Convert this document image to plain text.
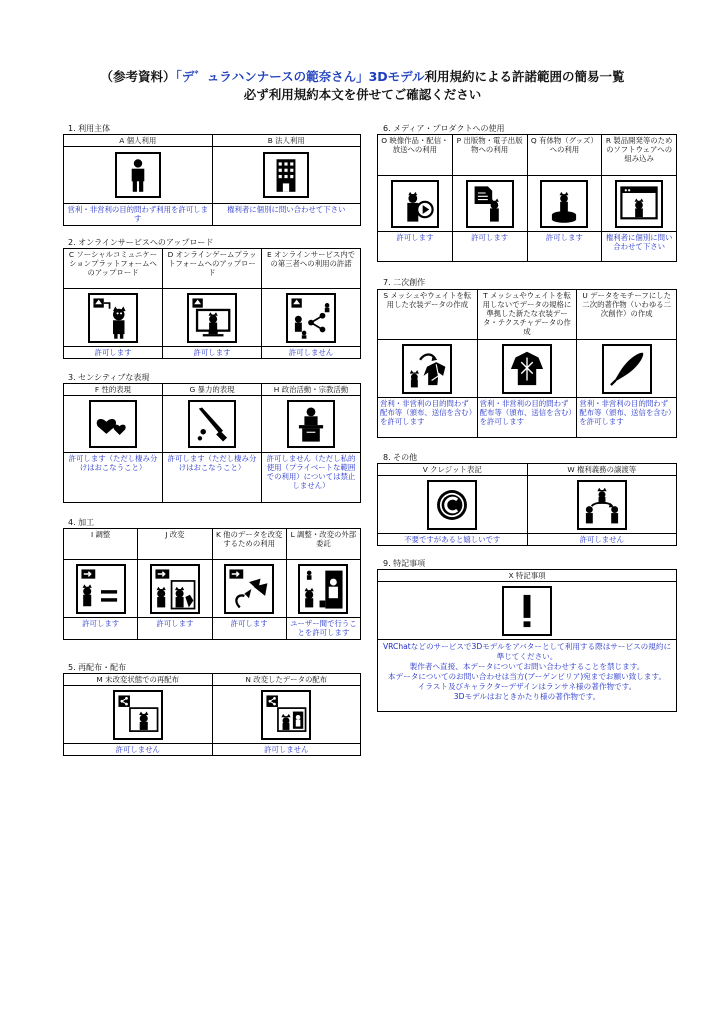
（参考資料）「デ゛ュラハンナースの範奈さん」3Dモデル利用規約による許諾範囲の簡易一覧
必ず利用規約本文を併せてご確認ください
1. 利用主体
A 個人利用	B 法人利用

営利・非営利の目的問わず利用を許可します	権利者に個別に問い合わせて下さい
2. オンラインサービスへのアップロード
C ソーシャルコミュニケーションプラットフォームへのアップロード	D オンラインゲームプラットフォームへのアップロード	E オンラインサービス内での第三者への利用の許諾

許可します	許可します	許可しません
3. センシティブな表現
F 性的表現	G 暴力的表現	H 政治活動・宗教活動

許可します（ただし棲み分けはおこなうこと）	許可します（ただし棲み分けはおこなうこと）	許可しません（ただし私的使用（プライベートな範囲での利用）については禁止しません）
4. 加工
I 調整	J 改変	K 他のデータを改変するための利用	L 調整・改変の外部委託

許可します	許可します	許可します	ユーザー間で行うことを許可します
5. 再配布・配布
M 未改変状態での再配布	N 改変したデータの配布

許可しません	許可しません
6. メディア・プロダクトへの使用
O 映像作品・配信・放送への利用	P 出版物・電子出版物への利用	Q 有体物（グッズ）への利用	R 製品開発等のためのソフトウェアへの組み込み

許可します	許可します	許可します	権利者に個別に問い合わせて下さい
7. 二次創作
S メッシュやウェイトを転用した衣装データの作成	T メッシュやウェイトを転用しないでデータの規格に準拠した新たな衣装データ・テクスチャデータの作成	U データをモチーフにした二次的著作物（いわゆる二次創作）の作成

営利・非営利の目的問わず配布等（頒布、送信を含む）を許可します	営利・非営利の目的問わず配布等（頒布、送信を含む）を許可します	営利・非営利の目的問わず配布等（頒布、送信を含む）を許可します
8. その他
V クレジット表記	W 権利義務の譲渡等

不要ですがあると嬉しいです	許可しません
9. 特記事項
X 特記事項

VRChatなどのサービスで3Dモデルをアバターとして利用する際はサービスの規約に準じてください。
製作者へ直接、本データについてお問い合わせすることを禁じます。
本データについてのお問い合わせは当方(ブーゲンビリア)宛までお願い致します。
イラスト及びキャラクターデザインはランサネ様の著作物です。
3Dモデルはおときかたり様の著作物です。
